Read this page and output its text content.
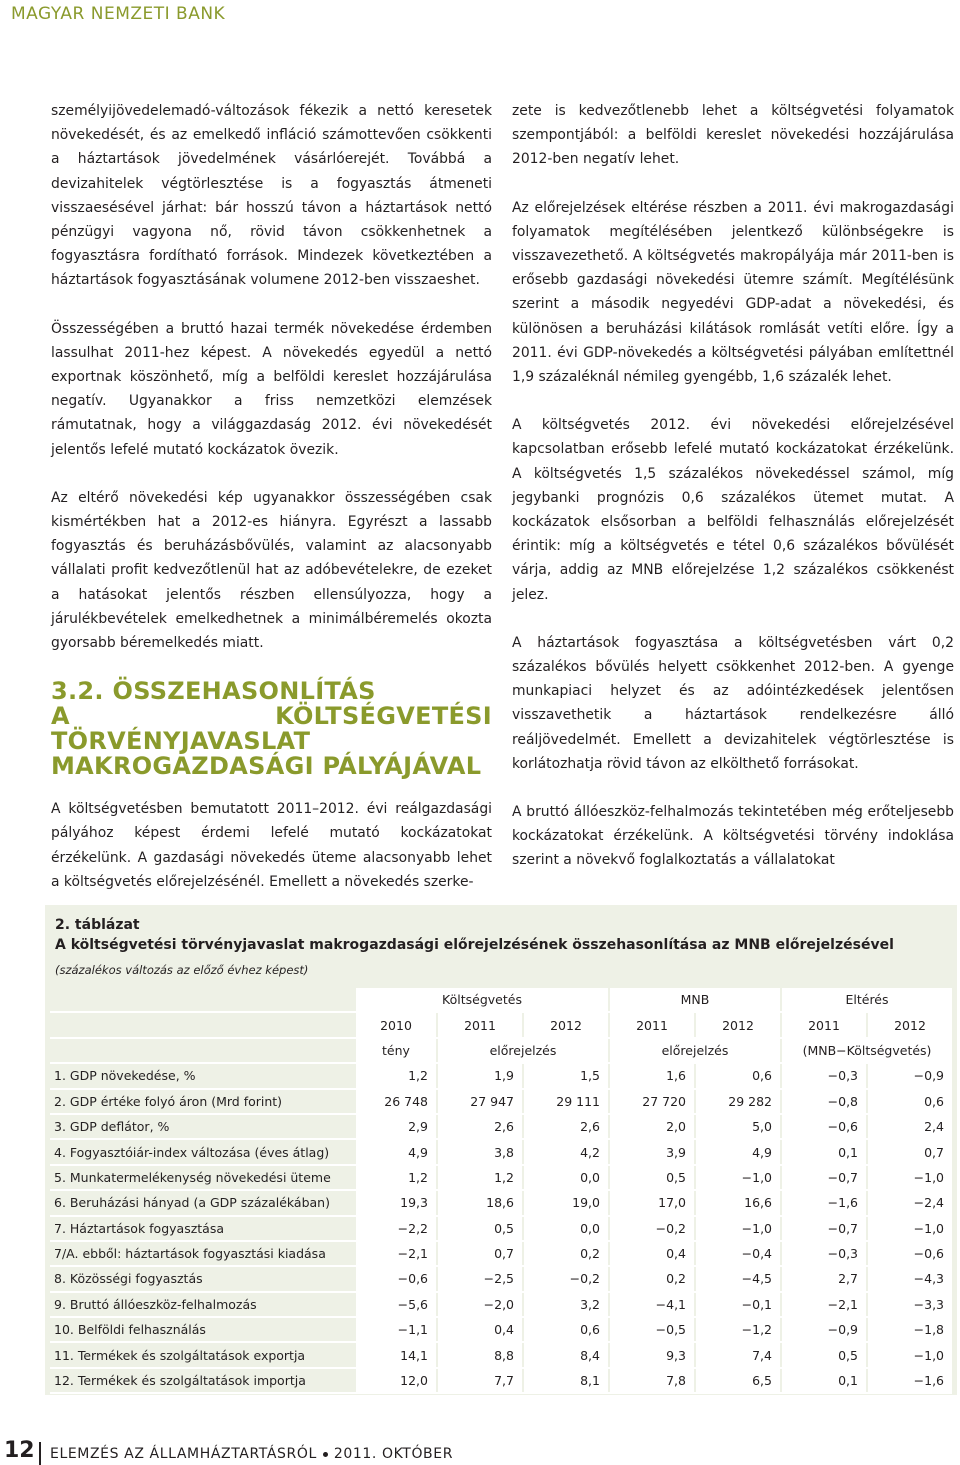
MAGYAR NEMZETI BANK

személyijövedelemadó-változások fékezik a nettó keresetek növekedését, és az emelkedő infláció számottevően csökkenti a háztartások jövedelmének vásárlóerejét. Továbbá a devizahitelek végtörlesztése is a fogyasztás átmeneti visszaesésével járhat: bár hosszú távon a háztartások nettó pénzügyi vagyona nő, rövid távon csökkenhetnek a fogyasztásra fordítható források. Mindezek következtében a háztartások fogyasztásának volumene 2012-ben visszaeshet.

Összességében a bruttó hazai termék növekedése érdemben lassulhat 2011-hez képest. A növekedés egyedül a nettó exportnak köszönhető, míg a belföldi kereslet hozzájárulása negatív. Ugyanakkor a friss nemzetközi elemzések rámutatnak, hogy a világgazdaság 2012. évi növekedését jelentős lefelé mutató kockázatok övezik.

Az eltérő növekedési kép ugyanakkor összességében csak kismértékben hat a 2012-es hiányra. Egyrészt a lassabb fogyasztás és beruházásbővülés, valamint az alacsonyabb vállalati profit kedvezőtlenül hat az adóbevételekre, de ezeket a hatásokat jelentős részben ellensúlyozza, hogy a járulékbevételek emelkedhetnek a minimálbéremelés okozta gyorsabb béremelkedés miatt.

3.2. ÖSSZEHASONLÍTÁS
A KÖLTSÉGVETÉSI TÖRVÉNYJAVASLAT
MAKROGAZDASÁGI PÁLYÁJÁVAL

A költségvetésben bemutatott 2011–2012. évi reálgazdasági pályához képest érdemi lefelé mutató kockázatokat érzékelünk. A gazdasági növekedés üteme alacsonyabb lehet a költségvetés előrejelzésénél. Emellett a növekedés szerke-

zete is kedvezőtlenebb lehet a költségvetési folyamatok szempontjából: a belföldi kereslet növekedési hozzájárulása 2012-ben negatív lehet.

Az előrejelzések eltérése részben a 2011. évi makrogazdasági folyamatok megítélésében jelentkező különbségekre is visszavezethető. A költségvetés makropályája már 2011-ben is erősebb gazdasági növekedési ütemre számít. Megítélésünk szerint a második negyedévi GDP-adat a növekedési, és különösen a beruházási kilátások romlását vetíti előre. Így a 2011. évi GDP-növekedés a költségvetési pályában említettnél 1,9 százaléknál némileg gyengébb, 1,6 százalék lehet.

A költségvetés 2012. évi növekedési előrejelzésével kapcsolatban erősebb lefelé mutató kockázatokat érzékelünk. A költségvetés 1,5 százalékos növekedéssel számol, míg jegybanki prognózis 0,6 százalékos ütemet mutat. A kockázatok elsősorban a belföldi felhasználás előrejelzését érintik: míg a költségvetés e tétel 0,6 százalékos bővülését várja, addig az MNB előrejelzése 1,2 százalékos csökkenést jelez.

A háztartások fogyasztása a költségvetésben várt 0,2 százalékos bővülés helyett csökkenhet 2012-ben. A gyenge munkapiaci helyzet és az adóintézkedések jelentősen visszavethetik a háztartások rendelkezésre álló reáljövedelmét. Emellett a devizahitelek végtörlesztése is korlátozhatja rövid távon az elkölthető forrásokat.

A bruttó állóeszköz-felhalmozás tekintetében még erőteljesebb kockázatokat érzékelünk. A költségvetési törvény indoklása szerint a növekvő foglalkoztatás a vállalatokat

2. táblázat
A költségvetési törvényjavaslat makrogazdasági előrejelzésének összehasonlítása az MNB előrejelzésével
(százalékos változás az előző évhez képest)
	Költségvetés			MNB		Eltérés	
	2010	2011	2012	2011	2012	2011	2012
	tény	előrejelzés		előrejelzés		(MNB−Költségvetés)	
1. GDP növekedése, %	1,2	1,9	1,5	1,6	0,6	−0,3	−0,9
2. GDP értéke folyó áron (Mrd forint)	26 748	27 947	29 111	27 720	29 282	−0,8	0,6
3. GDP deflátor, %	2,9	2,6	2,6	2,0	5,0	−0,6	2,4
4. Fogyasztóiár-index változása (éves átlag)	4,9	3,8	4,2	3,9	4,9	0,1	0,7
5. Munkatermelékenység növekedési üteme	1,2	1,2	0,0	0,5	−1,0	−0,7	−1,0
6. Beruházási hányad (a GDP százalékában)	19,3	18,6	19,0	17,0	16,6	−1,6	−2,4
7. Háztartások fogyasztása	−2,2	0,5	0,0	−0,2	−1,0	−0,7	−1,0
7/A. ebből: háztartások fogyasztási kiadása	−2,1	0,7	0,2	0,4	−0,4	−0,3	−0,6
8. Közösségi fogyasztás	−0,6	−2,5	−0,2	0,2	−4,5	2,7	−4,3
9. Bruttó állóeszköz-felhalmozás	−5,6	−2,0	3,2	−4,1	−0,1	−2,1	−3,3
10. Belföldi felhasználás	−1,1	0,4	0,6	−0,5	−1,2	−0,9	−1,8
11. Termékek és szolgáltatások exportja	14,1	8,8	8,4	9,3	7,4	0,5	−1,0
12. Termékek és szolgáltatások importja	12,0	7,7	8,1	7,8	6,5	0,1	−1,6
12 ELEMZÉS AZ ÁLLAMHÁZTARTÁSRÓL 2011. OKTÓBER
